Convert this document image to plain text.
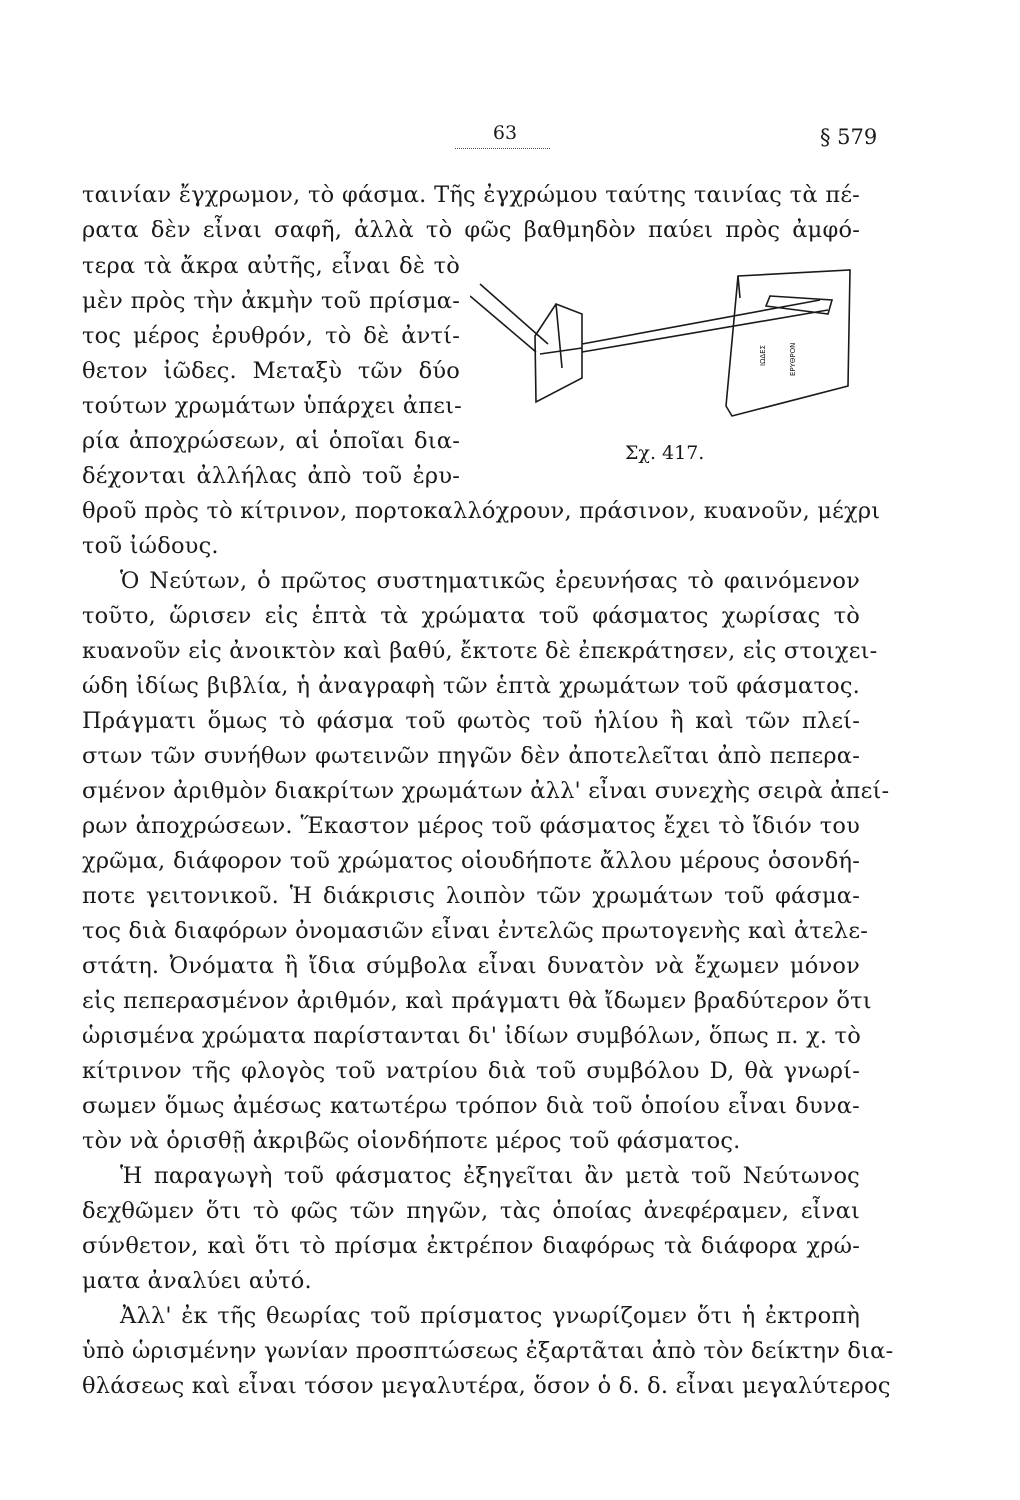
63	§ 579
ταινίαν ἔγχρωμον, τὸ φάσμα. Τῆς ἐγχρώμου ταύτης ταινίας τὰ πέ-
ρατα δὲν εἶναι σαφῆ, ἀλλὰ τὸ φῶς βαθμηδὸν παύει πρὸς ἀμφό-
τερα τὰ ἄκρα αὐτῆς, εἶναι δὲ τὸ
μὲν πρὸς τὴν ἀκμὴν τοῦ πρίσμα-
τος μέρος ἐρυθρόν, τὸ δὲ ἀντί-
θετον ἰῶδες. Μεταξὺ τῶν δύο
τούτων χρωμάτων ὑπάρχει ἀπει-
ρία ἀποχρώσεων, αἱ ὁποῖαι δια-
δέχονται ἀλλήλας ἀπὸ τοῦ ἐρυ-
θροῦ πρὸς τὸ κίτρινον, πορτοκαλλόχρουν, πράσινον, κυανοῦν, μέχρι
τοῦ ἰώδους.
Ὁ Νεύτων, ὁ πρῶτος συστηματικῶς ἐρευνήσας τὸ φαινόμενον
τοῦτο, ὥρισεν εἰς ἑπτὰ τὰ χρώματα τοῦ φάσματος χωρίσας τὸ
κυανοῦν εἰς ἀνοικτὸν καὶ βαθύ, ἔκτοτε δὲ ἐπεκράτησεν, εἰς στοιχει-
ώδη ἰδίως βιβλία, ἡ ἀναγραφὴ τῶν ἑπτὰ χρωμάτων τοῦ φάσματος.
Πράγματι ὅμως τὸ φάσμα τοῦ φωτὸς τοῦ ἡλίου ἢ καὶ τῶν πλεί-
στων τῶν συνήθων φωτεινῶν πηγῶν δὲν ἀποτελεῖται ἀπὸ πεπερα-
σμένον ἀριθμὸν διακρίτων χρωμάτων ἀλλ' εἶναι συνεχὴς σειρὰ ἀπεί-
ρων ἀποχρώσεων. Ἕκαστον μέρος τοῦ φάσματος ἔχει τὸ ἴδιόν του
χρῶμα, διάφορον τοῦ χρώματος οἱουδήποτε ἄλλου μέρους ὁσονδή-
ποτε γειτονικοῦ. Ἡ διάκρισις λοιπὸν τῶν χρωμάτων τοῦ φάσμα-
τος διὰ διαφόρων ὀνομασιῶν εἶναι ἐντελῶς πρωτογενὴς καὶ ἀτελε-
στάτη. Ὀνόματα ἢ ἴδια σύμβολα εἶναι δυνατὸν νὰ ἔχωμεν μόνον
εἰς πεπερασμένον ἀριθμόν, καὶ πράγματι θὰ ἴδωμεν βραδύτερον ὅτι
ὡρισμένα χρώματα παρίστανται δι' ἰδίων συμβόλων, ὅπως π. χ. τὸ
κίτρινον τῆς φλογὸς τοῦ νατρίου διὰ τοῦ συμβόλου D, θὰ γνωρί-
σωμεν ὅμως ἀμέσως κατωτέρω τρόπον διὰ τοῦ ὁποίου εἶναι δυνα-
τὸν νὰ ὁρισθῇ ἀκριβῶς οἱονδήποτε μέρος τοῦ φάσματος.
Ἡ παραγωγὴ τοῦ φάσματος ἐξηγεῖται ἂν μετὰ τοῦ Νεύτωνος
δεχθῶμεν ὅτι τὸ φῶς τῶν πηγῶν, τὰς ὁποίας ἀνεφέραμεν, εἶναι
σύνθετον, καὶ ὅτι τὸ πρίσμα ἐκτρέπον διαφόρως τὰ διάφορα χρώ-
ματα ἀναλύει αὐτό.
Ἀλλ' ἐκ τῆς θεωρίας τοῦ πρίσματος γνωρίζομεν ὅτι ἡ ἐκτροπὴ
ὑπὸ ὡρισμένην γωνίαν προσπτώσεως ἐξαρτᾶται ἀπὸ τὸν δείκτην δια-
θλάσεως καὶ εἶναι τόσον μεγαλυτέρα, ὅσον ὁ δ. δ. εἶναι μεγαλύτερος
ΙΩΔΕΣ	ΕΡΥΘΡΟΝ
Σχ. 417.
